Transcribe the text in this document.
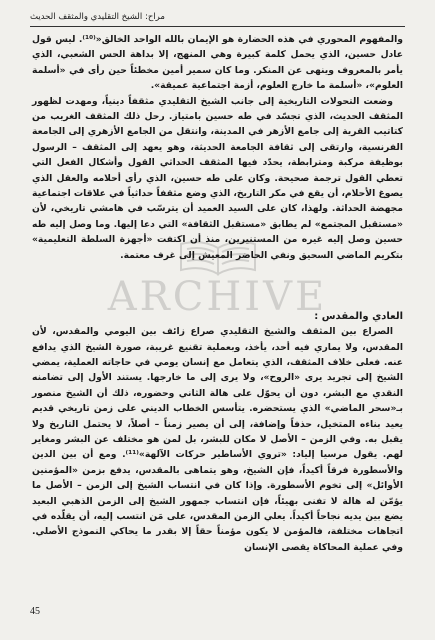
مراح: الشيخ التقليدي والمثقف الحديث
ARCHIVE

والمفهوم المحوري في هذه الحضارة هو الإيمان بالله الواحد الخالق«⁽¹⁰⁾. ليس قول عادل حسين، الذي يحمل كلمة كبيرة وهي المنهج، إلا بداهة الحس الشعبي، الذي يأمر بالمعروف وينهى عن المنكر. وما كان سمير أمين مخطئاً حين رأى في «أسلمة العلوم»، «أسلمة ما خارج العلوم، أزمة اجتماعية عميقة».

وضعت التحولات التاريخية إلى جانب الشيخ التقليدي مثقفاً دينياً، ومهدت لظهور المثقف الحديث، الذي تجسّد في طه حسين بامتياز. رحل ذلك المثقف الغريب من كتاتيب القرية إلى جامع الأزهر في المدينة، وانتقل من الجامع الأزهري إلى الجامعة الفرنسية، وارتقى إلى ثقافة الجامعة الحديثة، وهو يعهد إلى المثقف – الرسول بوظيفة مركبة ومترابطة، يحدّد فيها المثقف الحداثي القول وأشكال الفعل التي تعطي القول ترجمة صحيحة. وكان على طه حسين، الذي رأى أحلامه والعقل الذي يصوغ الأحلام، أن يقع في مكر التاريخ، الذي وضع مثقفاً حداثياً في علاقات اجتماعية مجهضة الحداثة. ولهذا، كان على السيد العميد أن يترسّب في هامشي تاريخي، لأن «مستقبل المجتمع» لم يطابق «مستقبل الثقافة» التي دعا إليها. وما وصل إليه طه حسين وصل إليه غيره من المستنيرين، منذ أن اكتفت «أجهزة السلطة التعليمية» بتكريم الماضي السحيق ونفي الحاضر المعيش إلى غرف معتمة.

العادي والمقدس :

الصراع بين المثقف والشيخ التقليدي صراع زائف بين اليومي والمقدس، لأن المقدس، ولا يماري فيه أحد، يأخذ، وبعملية تقنيع غريبة، صورة الشيخ الذي يدافع عنه. فعلى خلاف المثقف، الذي يتعامل مع إنسان يومي في حاجاته العملية، يمضي الشيخ إلى تجريد يرى «الروح»، ولا يرى إلى ما خارجها. يستند الأول إلى تضامنه النقدي مع البشر، دون أن يحوّل على هالة الثاني وحضوره، ذلك أن الشيخ منصور بـ«سحر الماضي» الذي يستحضره. يتأسس الخطاب الديني على زمن تاريخي قديم يعيد بناءه المتخيل، حذفاً وإضافة، إلى أن يصير زمناً – أصلاً، لا يحتمل التاريخ ولا يقبل به. وفي الزمن – الأصل لا مكان للبشر، بل لمن هو مختلف عن البشر ومغاير لهم. يقول مرسيا إلياد: «تروي الأساطير حركات الآلهة»⁽¹¹⁾. ومع أن بين الدين والأسطورة فرقاً أكيداً، فإن الشيخ، وهو يتماهى بالمقدس، يدفع بزمن «المؤمنين الأوائل» إلى تخوم الأسطورة. وإذا كان في انتساب الشيخ إلى الزمن – الأصل ما يؤمّن له هالة لا تفنى بهيئاً، فإن انتساب جمهور الشيخ إلى الزمن الذهبي البعيد يضع بين يديه نجاحاً أكيداً. يعلي الزمن المقدس، على مَن انتسب إليه، أن يقلّده في اتجاهات مختلفة، فالمؤمن لا يكون مؤمناً حقاً إلا بقدر ما يحاكي النموذج الأصلي. وفي عملية المحاكاة يقصى الإنسان

45
